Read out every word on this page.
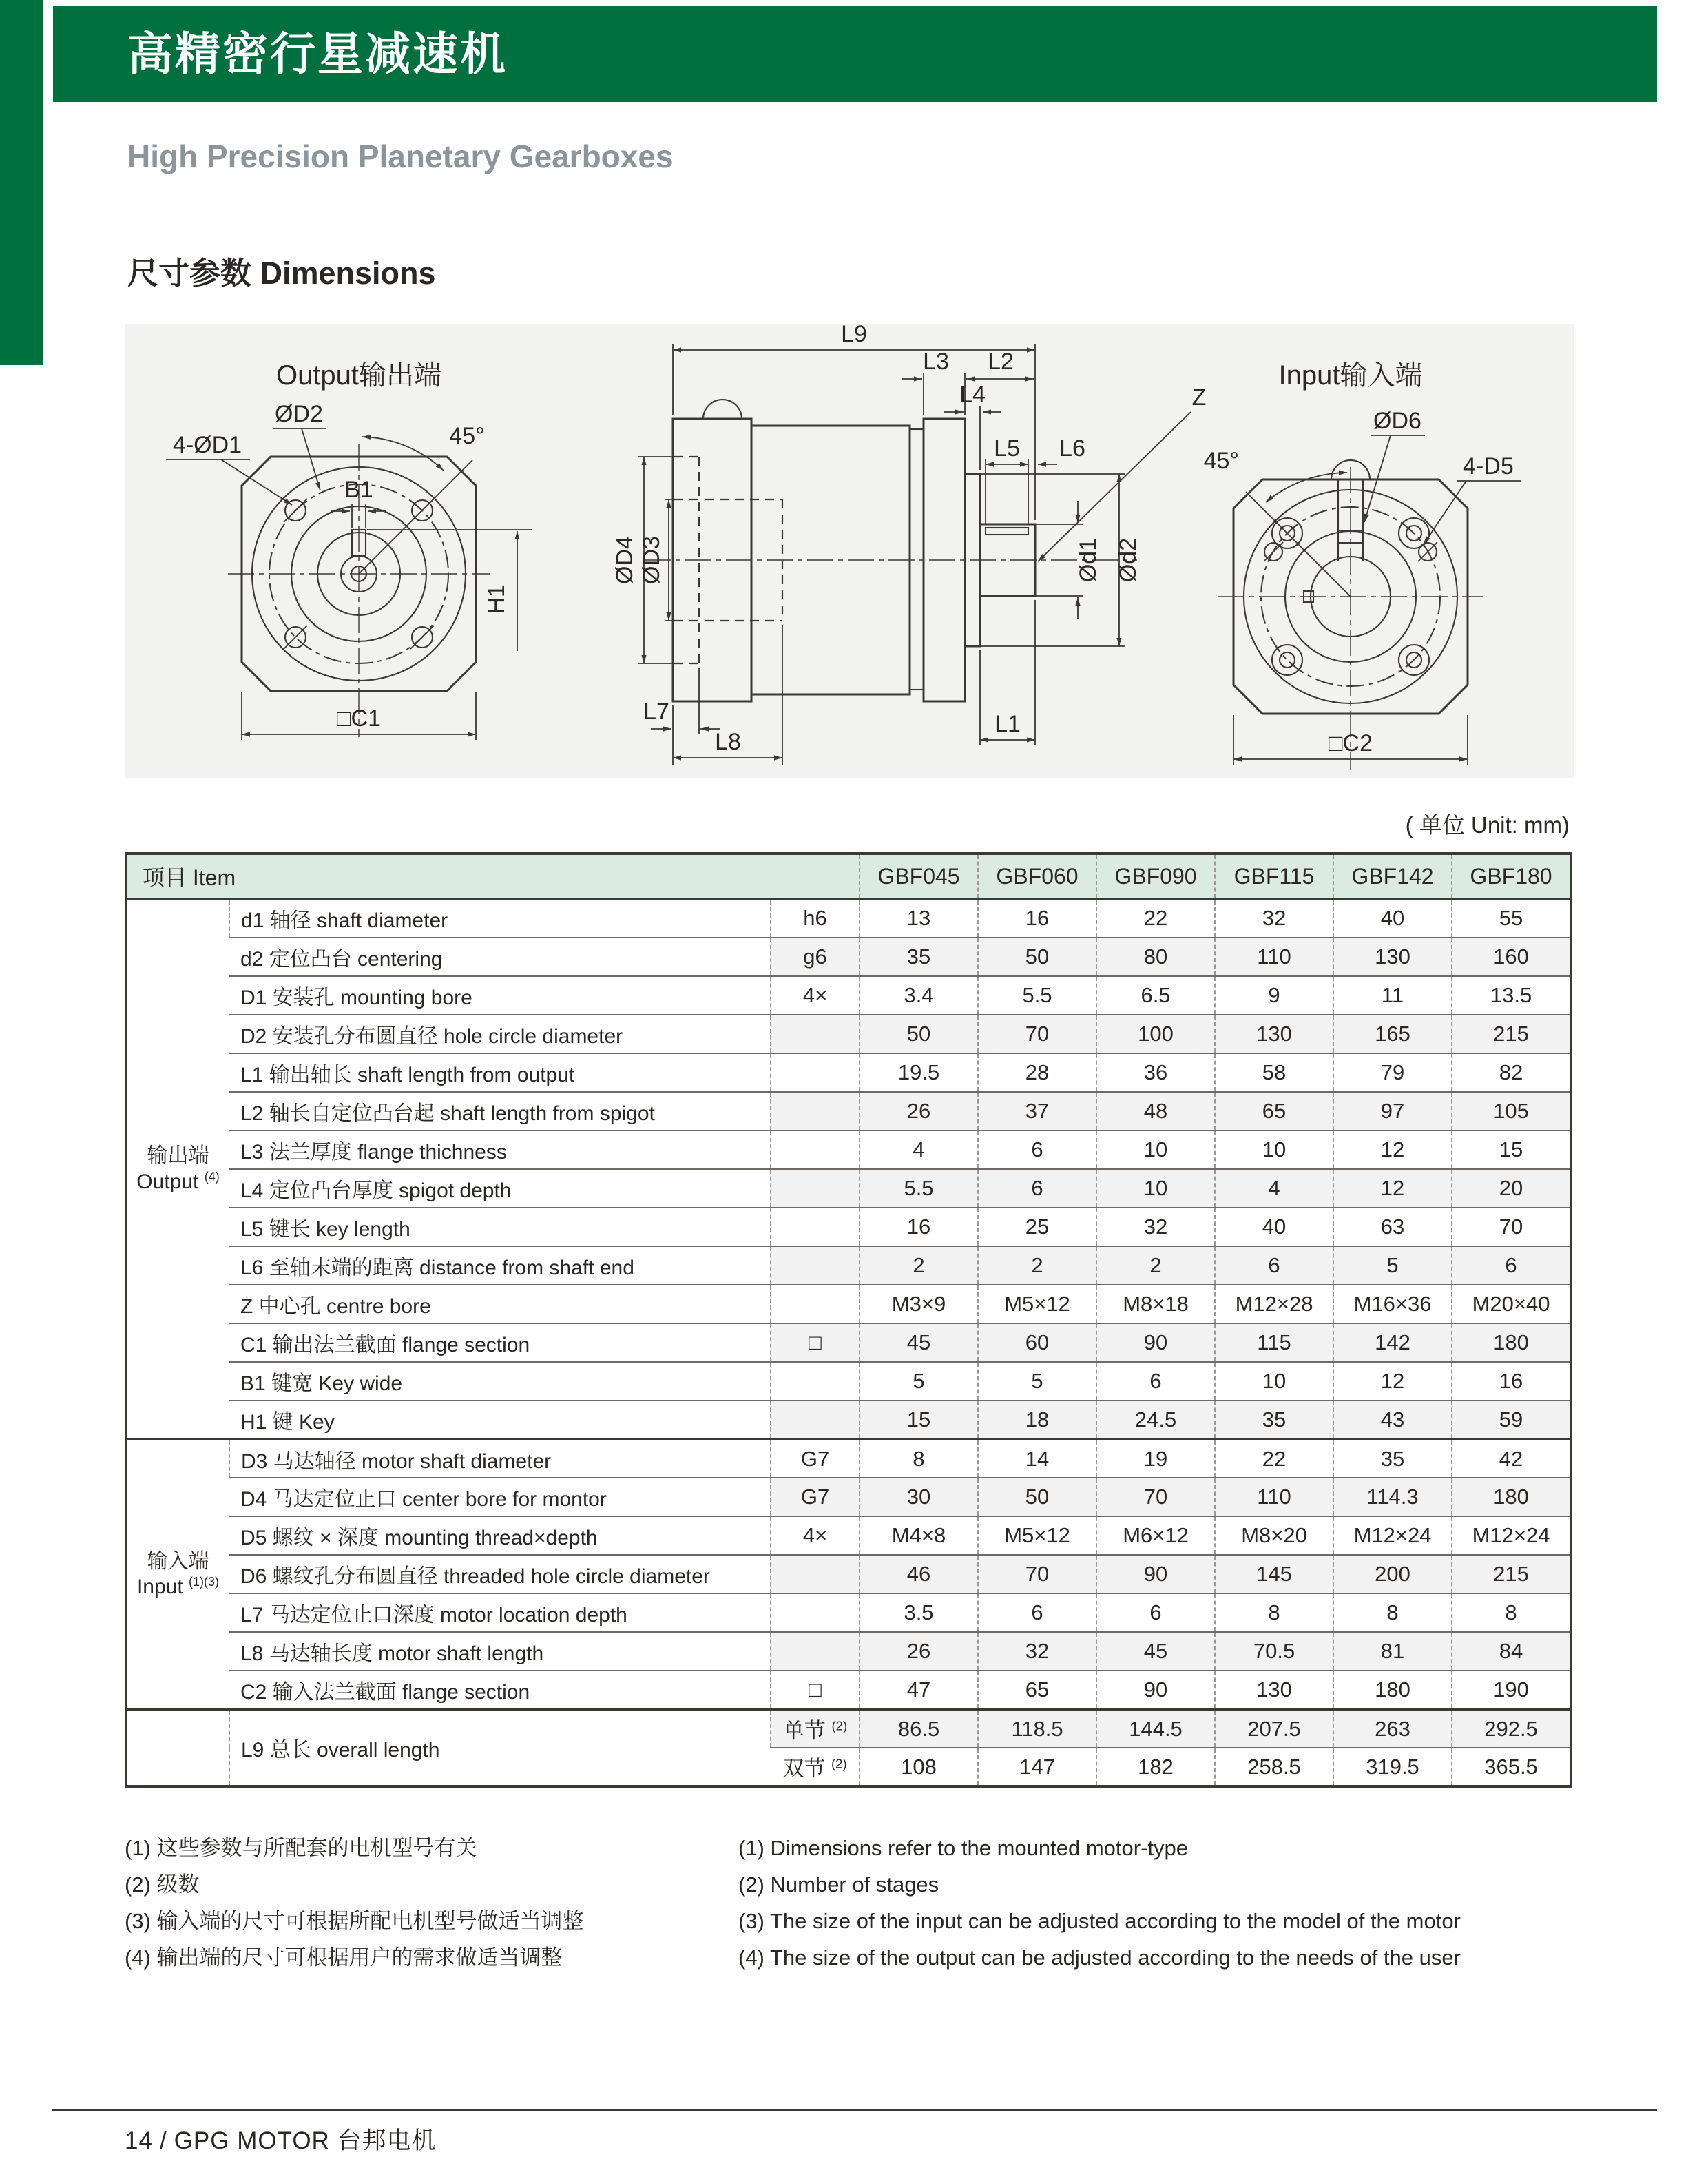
高精密行星减速机
High Precision Planetary Gearboxes
尺寸参数 Dimensions
Output输出端
45°
ØD2
4-ØD1
B1
H1
□C1
L9
L3 L2
L4	Z
L5 L6
ØD4 ØD3	Ød1 Ød2
L7
L8
L1
Input输入端
45°
ØD6
4-D5
□C2
( 单位 Unit: mm)
项目 Item			GBF045	GBF060	GBF090	GBF115	GBF142	GBF180

输出端
Output $^{(4)}$	d1 轴径 shaft diameter	h6	13	16	22	32	40	55
	d2 定位凸台 centering	g6	35	50	80	110	130	160
	D1 安装孔 mounting bore	4×	3.4	5.5	6.5	9	11	13.5
	D2 安装孔分布圆直径 hole circle diameter		50	70	100	130	165	215
	L1 输出轴长 shaft length from output		19.5	28	36	58	79	82
	L2 轴长自定位凸台起 shaft length from spigot		26	37	48	65	97	105
	L3 法兰厚度 flange thichness		4	6	10	10	12	15
	L4 定位凸台厚度 spigot depth		5.5	6	10	4	12	20
	L5 键长 key length		16	25	32	40	63	70
	L6 至轴末端的距离 distance from shaft end		2	2	2	6	5	6
	Z 中心孔 centre bore		M3×9	M5×12	M8×18	M12×28	M16×36	M20×40
	C1 输出法兰截面 flange section	□	45	60	90	115	142	180
	B1 键宽 Key wide		5	5	6	10	12	16
	H1 键 Key		15	18	24.5	35	43	59

输入端
Input $^{(1)(3)}$	D3 马达轴径 motor shaft diameter	G7	8	14	19	22	35	42
	D4 马达定位止口 center bore for montor	G7	30	50	70	110	114.3	180
	D5 螺纹 × 深度 mounting thread×depth	4×	M4×8	M5×12	M6×12	M8×20	M12×24	M12×24
	D6 螺纹孔分布圆直径 threaded hole circle diameter		46	70	90	145	200	215
	L7 马达定位止口深度 motor location depth		3.5	6	6	8	8	8
	L8 马达轴长度 motor shaft length		26	32	45	70.5	81	84
	C2 输入法兰截面 flange section	□	47	65	90	130	180	190
	L9 总长 overall length	单节 $^{(2)}$	86.5	118.5	144.5	207.5	263	292.5
		双节 $^{(2)}$	108	147	182	258.5	319.5	365.5
(1) 这些参数与所配套的电机型号有关
(2) 级数
(3) 输入端的尺寸可根据所配电机型号做适当调整
(4) 输出端的尺寸可根据用户的需求做适当调整
(1) Dimensions refer to the mounted motor-type
(2) Number of stages
(3) The size of the input can be adjusted according to the model of the motor
(4) The size of the output can be adjusted according to the needs of the user
14 / GPG MOTOR 台邦电机
